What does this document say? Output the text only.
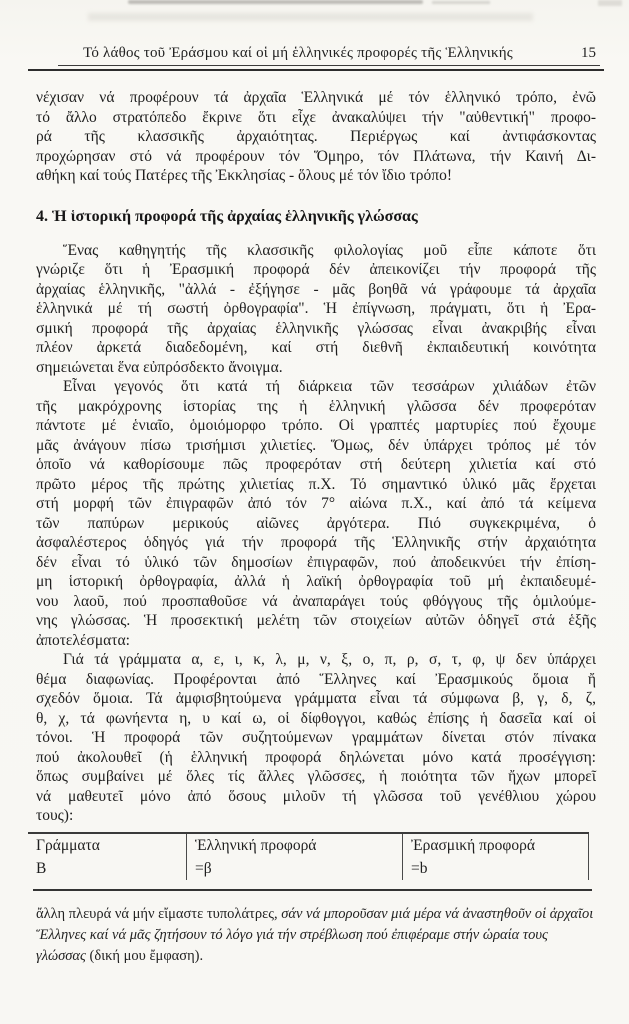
Τό λάθος τοῦ Ἐράσμου καί οἱ μή ἑλληνικές προφορές τῆς Ἑλληνικής	15
νέχισαν νά προφέρουν τά ἀρχαῖα Ἑλληνικά μέ τόν ἑλληνικό τρόπο, ἐνῶ
τό ἄλλο στρατόπεδο ἔκρινε ὅτι εἶχε ἀνακαλύψει τήν "αὐθεντική" προφο-
ρά τῆς κλασσικῆς ἀρχαιότητας. Περιέργως καί ἀντιφάσκοντας
προχώρησαν στό νά προφέρουν τόν Ὅμηρο, τόν Πλάτωνα, τήν Καινή Δι-
αθήκη καί τούς Πατέρες τῆς Ἐκκλησίας - ὅλους μέ τόν ἴδιο τρόπο!
4. Ἡ ἱστορική προφορά τῆς ἀρχαίας ἑλληνικῆς γλώσσας
Ἕνας καθηγητής τῆς κλασσικῆς φιλολογίας μοῦ εἶπε κάποτε ὅτι
γνώριζε ὅτι ἡ Ἐρασμική προφορά δέν ἀπεικονίζει τήν προφορά τῆς
ἀρχαίας ἑλληνικῆς, "ἀλλά - ἐξήγησε - μᾶς βοηθᾶ νά γράφουμε τά ἀρχαῖα
ἑλληνικά μέ τή σωστή ὀρθογραφία". Ἡ ἐπίγνωση, πράγματι, ὅτι ἡ Ἐρα-
σμική προφορά τῆς ἀρχαίας ἑλληνικῆς γλώσσας εἶναι ἀνακριβής εἶναι
πλέον ἀρκετά διαδεδομένη, καί στή διεθνῆ ἐκπαιδευτική κοινότητα
σημειώνεται ἕνα εὐπρόσδεκτο ἄνοιγμα.
Εἶναι γεγονός ὅτι κατά τή διάρκεια τῶν τεσσάρων χιλιάδων ἐτῶν
τῆς μακρόχρονης ἱστορίας της ἡ ἑλληνική γλῶσσα δέν προφερόταν
πάντοτε μέ ἑνιαῖο, ὁμοιόμορφο τρόπο. Οἱ γραπτές μαρτυρίες πού ἔχουμε
μᾶς ἀνάγουν πίσω τρισήμισι χιλιετίες. Ὅμως, δέν ὑπάρχει τρόπος μέ τόν
ὁποῖο νά καθορίσουμε πῶς προφερόταν στή δεύτερη χιλιετία καί στό
πρῶτο μέρος τῆς πρώτης χιλιετίας π.Χ. Τό σημαντικό ὑλικό μᾶς ἔρχεται
στή μορφή τῶν ἐπιγραφῶν ἀπό τόν 7° αἰώνα π.Χ., καί ἀπό τά κείμενα
τῶν παπύρων μερικούς αἰῶνες ἀργότερα. Πιό συγκεκριμένα, ὁ
ἀσφαλέστερος ὁδηγός γιά τήν προφορά τῆς Ἑλληνικῆς στήν ἀρχαιότητα
δέν εἶναι τό ὑλικό τῶν δημοσίων ἐπιγραφῶν, πού ἀποδεικνύει τήν ἐπίση-
μη ἱστορική ὀρθογραφία, ἀλλά ἡ λαϊκή ὀρθογραφία τοῦ μή ἐκπαιδευμέ-
νου λαοῦ, πού προσπαθοῦσε νά ἀναπαράγει τούς φθόγγους τῆς ὁμιλούμε-
νης γλώσσας. Ἡ προσεκτική μελέτη τῶν στοιχείων αὐτῶν ὁδηγεῖ στά ἑξῆς
ἀποτελέσματα:
Γιά τά γράμματα α, ε, ι, κ, λ, μ, ν, ξ, ο, π, ρ, σ, τ, φ, ψ δεν ὑπάρχει
θέμα διαφωνίας. Προφέρονται ἀπό Ἕλληνες καί Ἐρασμικούς ὅμοια ἤ
σχεδόν ὅμοια. Τά ἀμφισβητούμενα γράμματα εἶναι τά σύμφωνα β, γ, δ, ζ,
θ, χ, τά φωνήεντα η, υ καί ω, οἱ δίφθογγοι, καθώς ἐπίσης ἡ δασεῖα καί οἱ
τόνοι. Ἡ προφορά τῶν συζητούμενων γραμμάτων δίνεται στόν πίνακα
πού ἀκολουθεῖ (ἡ ἑλληνική προφορά δηλώνεται μόνο κατά προσέγγιση:
ὅπως συμβαίνει μέ ὅλες τίς ἄλλες γλῶσσες, ἡ ποιότητα τῶν ἤχων μπορεῖ
νά μαθευτεῖ μόνο ἀπό ὅσους μιλοῦν τή γλῶσσα τοῦ γενέθλιου χώρου
τους):
Γράμματα	Ἑλληνική προφορά	Ἐρασμική προφορά
Β	=β	=b
ἄλλη πλευρά νά μήν εἴμαστε τυπολάτρες, σάν νά μποροῦσαν μιά μέρα νά ἀναστηθοῦν οἱ ἀρχαῖοι Ἕλληνες καί νά μᾶς ζητήσουν τό λόγο γιά τήν στρέβλωση πού ἐπιφέραμε στήν ὡραία τους γλώσσας (δική μου ἔμφαση).
